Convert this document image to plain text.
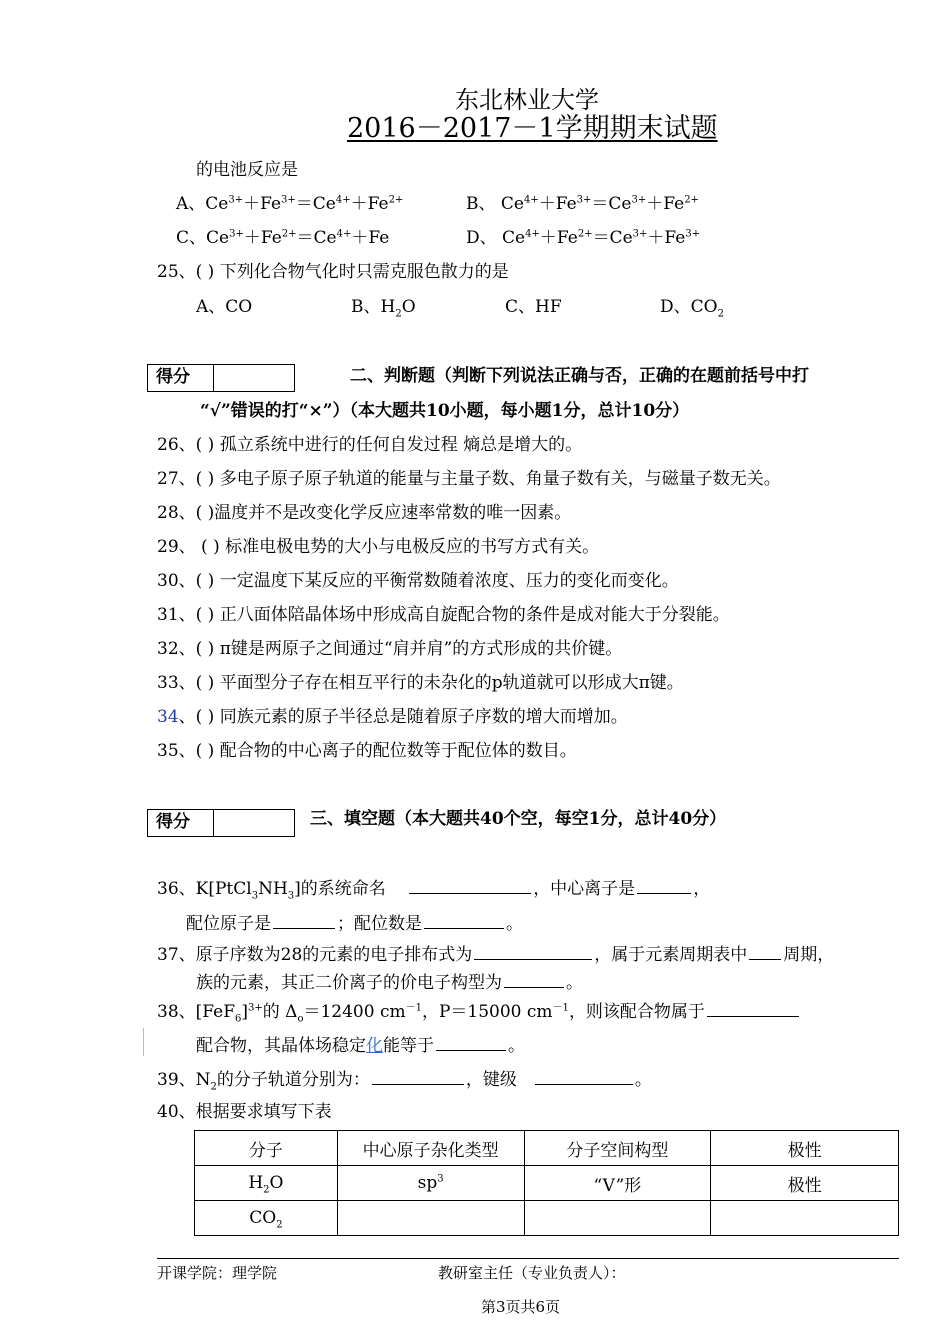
东北林业大学
2016－2017－1学期期末试题
的电池反应是
A、$Ce^{3+}+Fe^{3+}=Ce^{4+}+Fe^{2+}$	B、 $Ce^{4+}+Fe^{3+}=Ce^{3+}+Fe^{2+}$
C、$Ce^{3+}+Fe^{2+}=Ce^{4+}+Fe$	D、 $Ce^{4+}+Fe^{2+}=Ce^{3+}+Fe^{3+}$
25、( ) 下列化合物气化时只需克服色散力的是
A、CO	B、$H_2O$	C、HF	D、$CO_2$
得分	二、判断题（判断下列说法正确与否，正确的在题前括号中打
“√”错误的打“×”）（本大题共10小题，每小题1分，总计10分）
26、( ) 孤立系统中进行的任何自发过程 熵总是增大的。
27、( ) 多电子原子原子轨道的能量与主量子数、角量子数有关，与磁量子数无关。
28、( )温度并不是改变化学反应速率常数的唯一因素。
29、 ( ) 标准电极电势的大小与电极反应的书写方式有关。
30、( ) 一定温度下某反应的平衡常数随着浓度、压力的变化而变化。
31、( ) 正八面体陪晶体场中形成高自旋配合物的条件是成对能大于分裂能。
32、( ) π键是两原子之间通过“肩并肩”的方式形成的共价键。
33、( ) 平面型分子存在相互平行的未杂化的p轨道就可以形成大π键。
34、( ) 同族元素的原子半径总是随着原子序数的增大而增加。
35、( ) 配合物的中心离子的配位数等于配位体的数目。
得分	三、填空题（本大题共40个空，每空1分，总计40分）
36、$K[PtCl_3NH_3]$的系统命名	，中心离子是	，
配位原子是	；配位数是	。
37、原子序数为28的元素的电子排布式为	，属于元素周期表中 周期，
族的元素，其正二价离子的价电子构型为	。
38、$[FeF_6]^{3+}$的 $\Delta_o=12400$ $cm^{-1}$，P＝15000 $cm^{-1}$，则该配合物属于
配合物，其晶体场稳定化能等于	。
39、$N_2$的分子轨道分别为：	，键级	。
40、根据要求填写下表
分子	中心原子杂化类型	分子空间构型	极性
$H_2O$	$sp^3$	“V”形	极性
$CO_2$			
开课学院：理学院	教研室主任（专业负责人）：
第3页共6页
